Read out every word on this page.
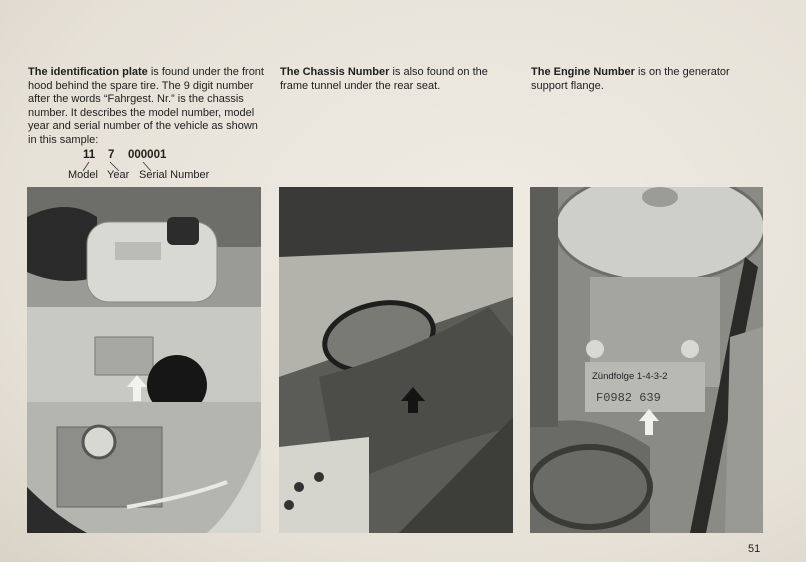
The identification plate is found under the front hood behind the spare tire. The 9 digit number after the words “Fahrgest. Nr.” is the chassis number. It describes the model number, model year and serial number of the vehicle as shown in this sample:
11 7 000001
Model Year Serial Number
The Chassis Number is also found on the frame tunnel under the rear seat.
The Engine Number is on the generator support flange.
Zündfolge 1-4-3-2
F0982 639
51
